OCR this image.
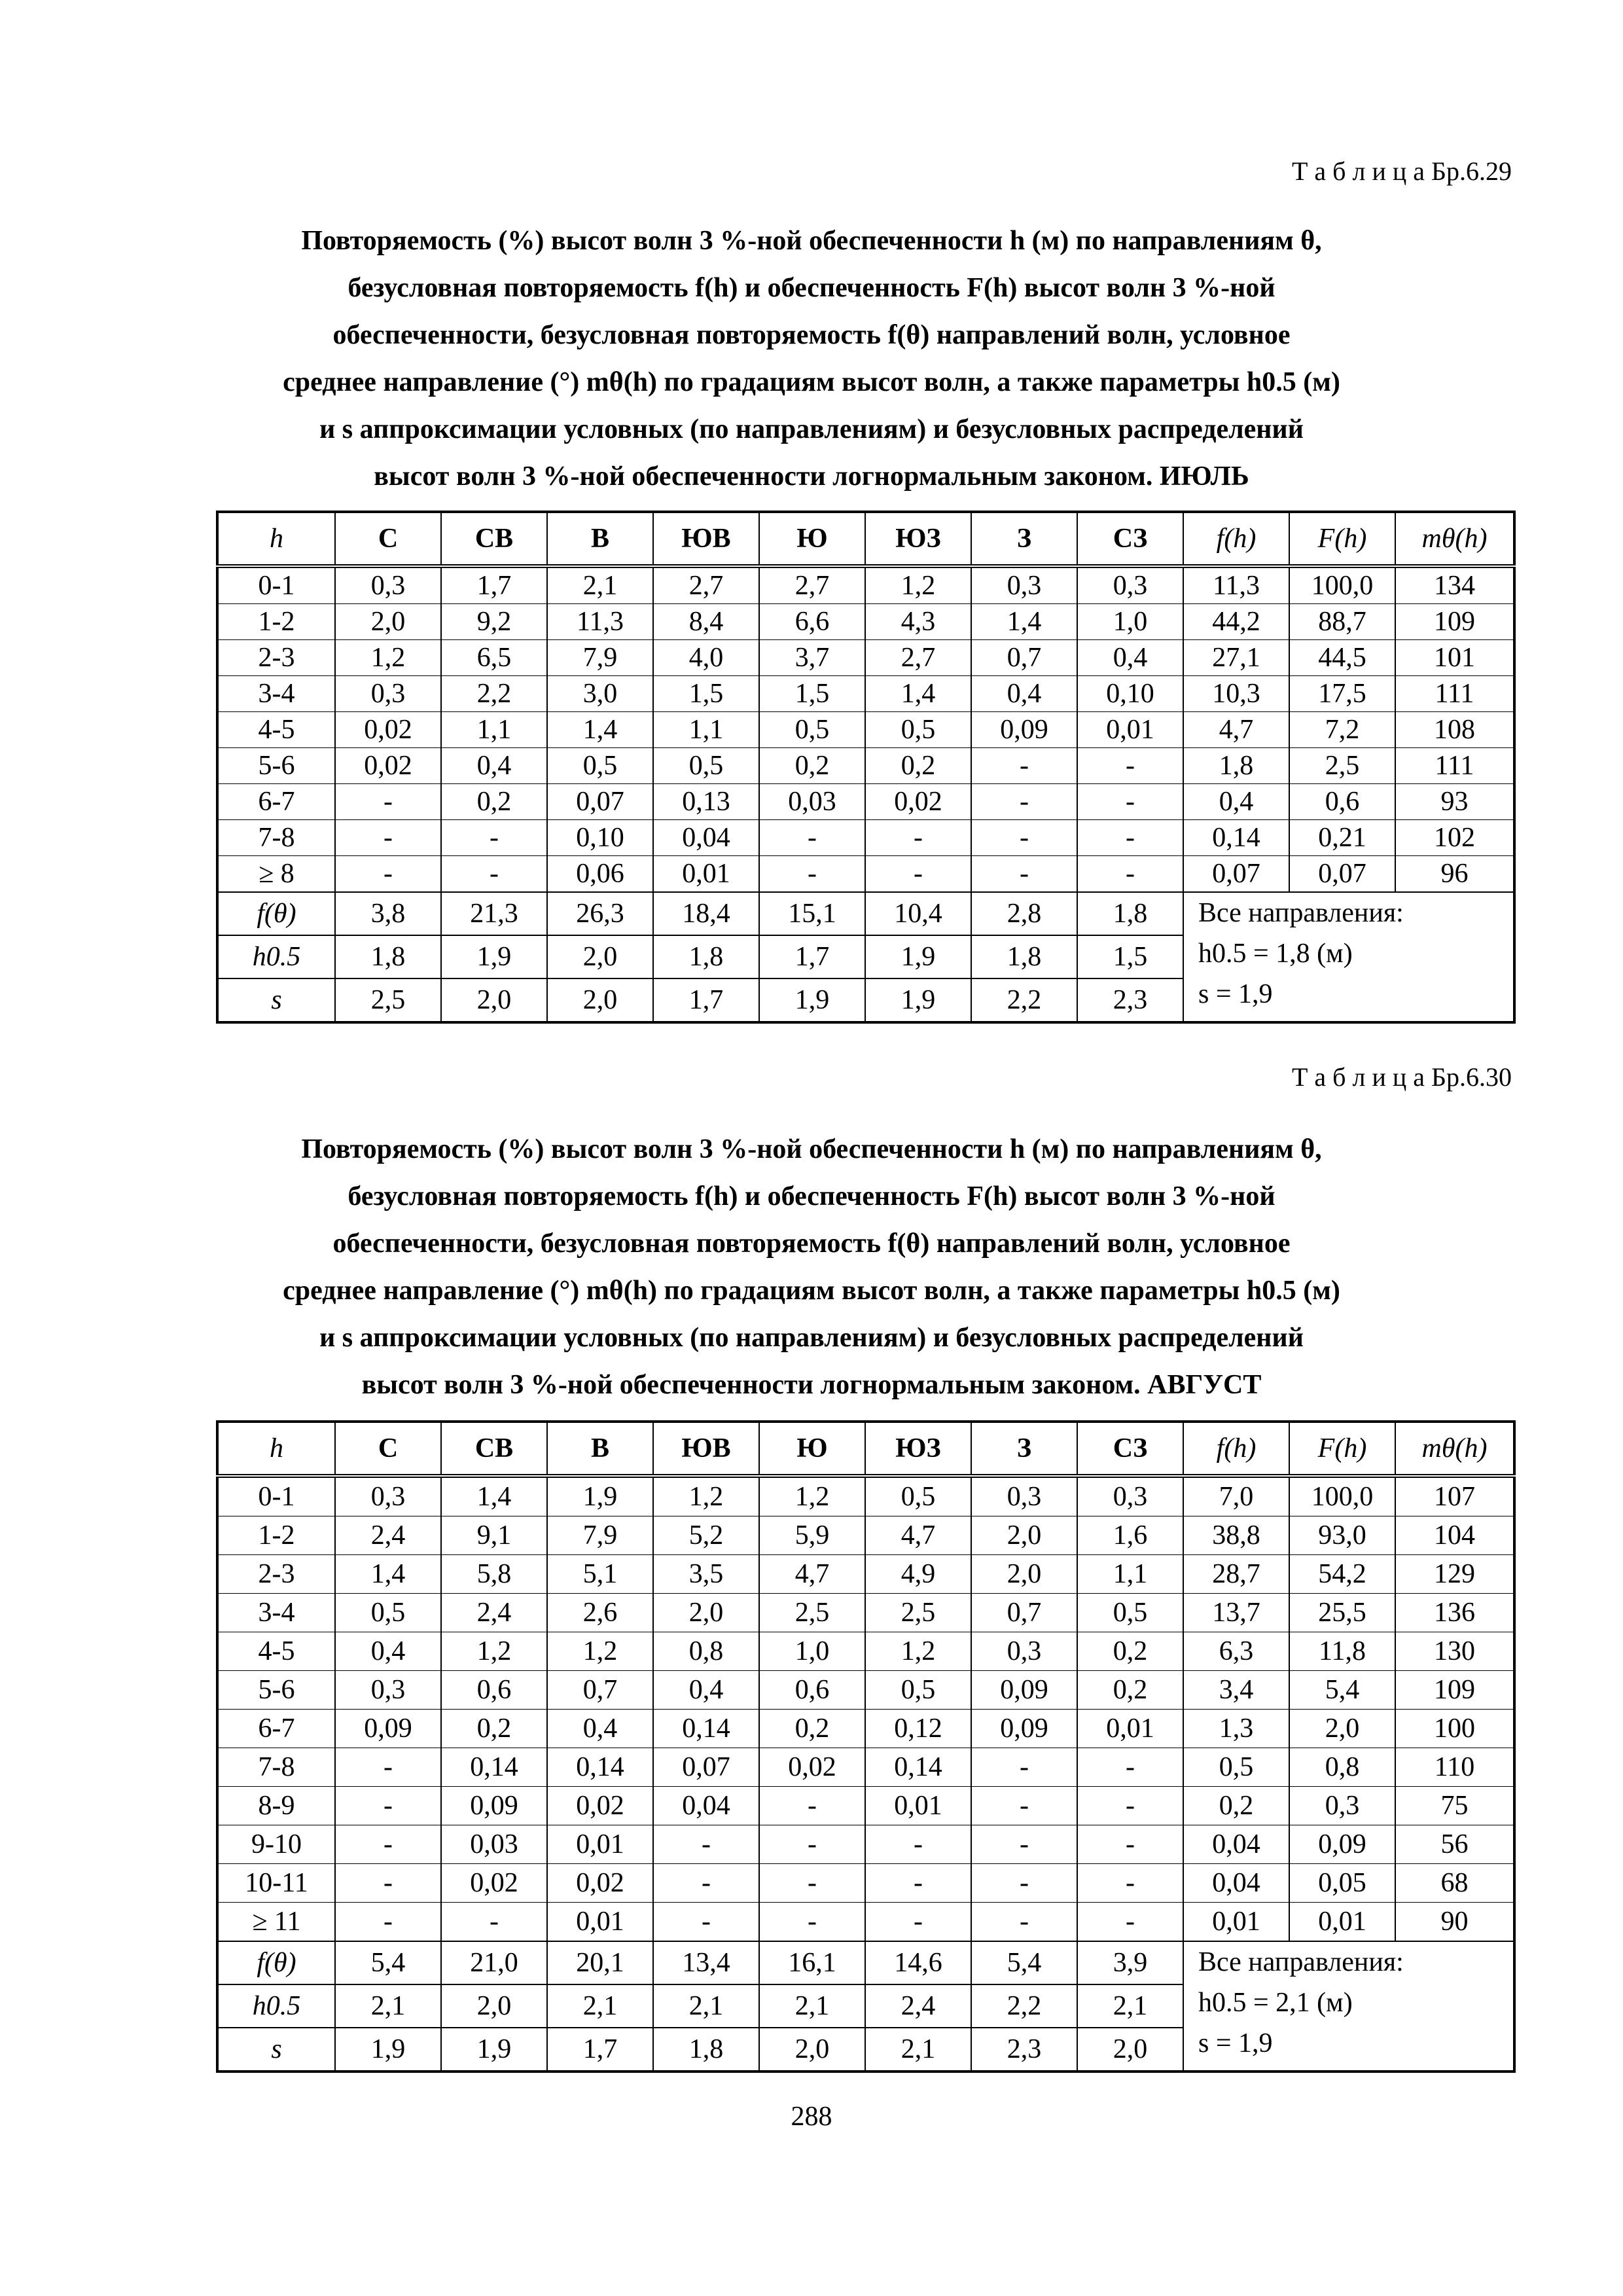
Т а б л и ц а Бр.6.29
Повторяемость (%) высот волн 3 %-ной обеспеченности h (м) по направлениям θ,
безусловная повторяемость f(h) и обеспеченность F(h) высот волн 3 %-ной
обеспеченности, безусловная повторяемость f(θ) направлений волн, условное
среднее направление (°) mθ(h) по градациям высот волн, а также параметры h0.5 (м)
и s аппроксимации условных (по направлениям) и безусловных распределений
высот волн 3 %-ной обеспеченности логнормальным законом. ИЮЛЬ
h	С	СВ	В	ЮВ	Ю	ЮЗ	З	СЗ	f(h)	F(h)	mθ(h)
0-1	0,3	1,7	2,1	2,7	2,7	1,2	0,3	0,3	11,3	100,0	134
1-2	2,0	9,2	11,3	8,4	6,6	4,3	1,4	1,0	44,2	88,7	109
2-3	1,2	6,5	7,9	4,0	3,7	2,7	0,7	0,4	27,1	44,5	101
3-4	0,3	2,2	3,0	1,5	1,5	1,4	0,4	0,10	10,3	17,5	111
4-5	0,02	1,1	1,4	1,1	0,5	0,5	0,09	0,01	4,7	7,2	108
5-6	0,02	0,4	0,5	0,5	0,2	0,2	-	-	1,8	2,5	111
6-7	-	0,2	0,07	0,13	0,03	0,02	-	-	0,4	0,6	93
7-8	-	-	0,10	0,04	-	-	-	-	0,14	0,21	102
≥ 8	-	-	0,06	0,01	-	-	-	-	0,07	0,07	96
f(θ)	3,8	21,3	26,3	18,4	15,1	10,4	2,8	1,8	Все направления:
h0.5 = 1,8 (м)
s = 1,9		

h0.5	1,8	1,9	2,0	1,8	1,7	1,9	1,8	1,5			
s	2,5	2,0	2,0	1,7	1,9	1,9	2,2	2,3			
Т а б л и ц а Бр.6.30
Повторяемость (%) высот волн 3 %-ной обеспеченности h (м) по направлениям θ,
безусловная повторяемость f(h) и обеспеченность F(h) высот волн 3 %-ной
обеспеченности, безусловная повторяемость f(θ) направлений волн, условное
среднее направление (°) mθ(h) по градациям высот волн, а также параметры h0.5 (м)
и s аппроксимации условных (по направлениям) и безусловных распределений
высот волн 3 %-ной обеспеченности логнормальным законом. АВГУСТ
h	С	СВ	В	ЮВ	Ю	ЮЗ	З	СЗ	f(h)	F(h)	mθ(h)
0-1	0,3	1,4	1,9	1,2	1,2	0,5	0,3	0,3	7,0	100,0	107
1-2	2,4	9,1	7,9	5,2	5,9	4,7	2,0	1,6	38,8	93,0	104
2-3	1,4	5,8	5,1	3,5	4,7	4,9	2,0	1,1	28,7	54,2	129
3-4	0,5	2,4	2,6	2,0	2,5	2,5	0,7	0,5	13,7	25,5	136
4-5	0,4	1,2	1,2	0,8	1,0	1,2	0,3	0,2	6,3	11,8	130
5-6	0,3	0,6	0,7	0,4	0,6	0,5	0,09	0,2	3,4	5,4	109
6-7	0,09	0,2	0,4	0,14	0,2	0,12	0,09	0,01	1,3	2,0	100
7-8	-	0,14	0,14	0,07	0,02	0,14	-	-	0,5	0,8	110
8-9	-	0,09	0,02	0,04	-	0,01	-	-	0,2	0,3	75
9-10	-	0,03	0,01	-	-	-	-	-	0,04	0,09	56
10-11	-	0,02	0,02	-	-	-	-	-	0,04	0,05	68
≥ 11	-	-	0,01	-	-	-	-	-	0,01	0,01	90
f(θ)	5,4	21,0	20,1	13,4	16,1	14,6	5,4	3,9	Все направления:
h0.5 = 2,1 (м)
s = 1,9		

h0.5	2,1	2,0	2,1	2,1	2,1	2,4	2,2	2,1			
s	1,9	1,9	1,7	1,8	2,0	2,1	2,3	2,0			
288
